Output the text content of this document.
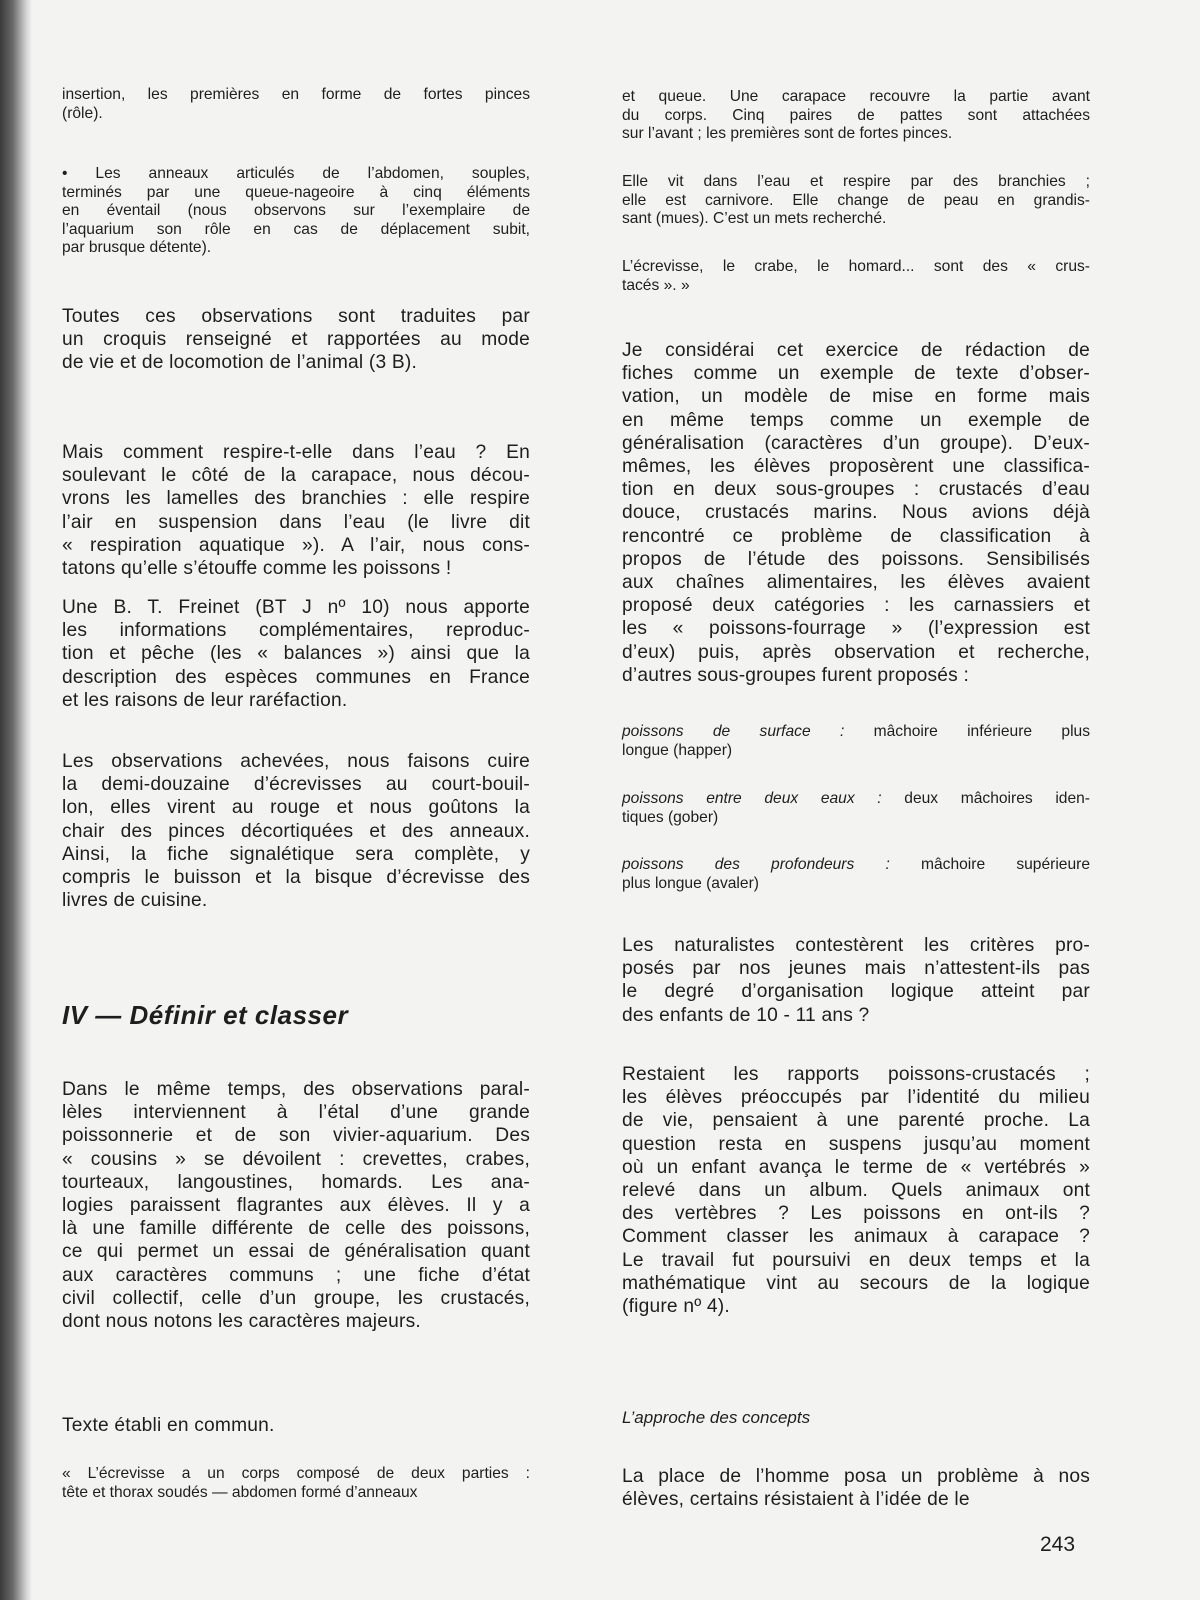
insertion, les premières en forme de fortes pinces
(rôle).
• Les anneaux articulés de l’abdomen, souples,
terminés par une queue-nageoire à cinq éléments
en éventail (nous observons sur l’exemplaire de
l’aquarium son rôle en cas de déplacement subit,
par brusque détente).
Toutes ces observations sont traduites par
un croquis renseigné et rapportées au mode
de vie et de locomotion de l’animal (3 B).
Mais comment respire-t-elle dans l’eau ? En
soulevant le côté de la carapace, nous décou-
vrons les lamelles des branchies : elle respire
l’air en suspension dans l’eau (le livre dit
« respiration aquatique »). A l’air, nous cons-
tatons qu’elle s’étouffe comme les poissons !
Une B. T. Freinet (BT J nº 10) nous apporte
les informations complémentaires, reproduc-
tion et pêche (les « balances ») ainsi que la
description des espèces communes en France
et les raisons de leur raréfaction.
Les observations achevées, nous faisons cuire
la demi-douzaine d’écrevisses au court-bouil-
lon, elles virent au rouge et nous goûtons la
chair des pinces décortiquées et des anneaux.
Ainsi, la fiche signalétique sera complète, y
compris le buisson et la bisque d’écrevisse des
livres de cuisine.
IV — Définir et classer
Dans le même temps, des observations paral-
lèles interviennent à l’étal d’une grande
poissonnerie et de son vivier-aquarium. Des
« cousins » se dévoilent : crevettes, crabes,
tourteaux, langoustines, homards. Les ana-
logies paraissent flagrantes aux élèves. Il y a
là une famille différente de celle des poissons,
ce qui permet un essai de généralisation quant
aux caractères communs ; une fiche d’état
civil collectif, celle d’un groupe, les crustacés,
dont nous notons les caractères majeurs.
Texte établi en commun.
« L’écrevisse a un corps composé de deux parties :
tête et thorax soudés — abdomen formé d’anneaux
et queue. Une carapace recouvre la partie avant
du corps. Cinq paires de pattes sont attachées
sur l’avant ; les premières sont de fortes pinces.
Elle vit dans l’eau et respire par des branchies ;
elle est carnivore. Elle change de peau en grandis-
sant (mues). C’est un mets recherché.
L’écrevisse, le crabe, le homard... sont des « crus-
tacés ». »
Je considérai cet exercice de rédaction de
fiches comme un exemple de texte d’obser-
vation, un modèle de mise en forme mais
en même temps comme un exemple de
généralisation (caractères d’un groupe). D’eux-
mêmes, les élèves proposèrent une classifica-
tion en deux sous-groupes : crustacés d’eau
douce, crustacés marins. Nous avions déjà
rencontré ce problème de classification à
propos de l’étude des poissons. Sensibilisés
aux chaînes alimentaires, les élèves avaient
proposé deux catégories : les carnassiers et
les « poissons-fourrage » (l’expression est
d’eux) puis, après observation et recherche,
d’autres sous-groupes furent proposés :
poissons de surface : mâchoire inférieure plus
longue (happer)
poissons entre deux eaux : deux mâchoires iden-
tiques (gober)
poissons des profondeurs : mâchoire supérieure
plus longue (avaler)
Les naturalistes contestèrent les critères pro-
posés par nos jeunes mais n’attestent-ils pas
le degré d’organisation logique atteint par
des enfants de 10 - 11 ans ?
Restaient les rapports poissons-crustacés ;
les élèves préoccupés par l’identité du milieu
de vie, pensaient à une parenté proche. La
question resta en suspens jusqu’au moment
où un enfant avança le terme de « vertébrés »
relevé dans un album. Quels animaux ont
des vertèbres ? Les poissons en ont-ils ?
Comment classer les animaux à carapace ?
Le travail fut poursuivi en deux temps et la
mathématique vint au secours de la logique
(figure nº 4).
L’approche des concepts
La place de l’homme posa un problème à nos
élèves, certains résistaient à l’idée de le
243
